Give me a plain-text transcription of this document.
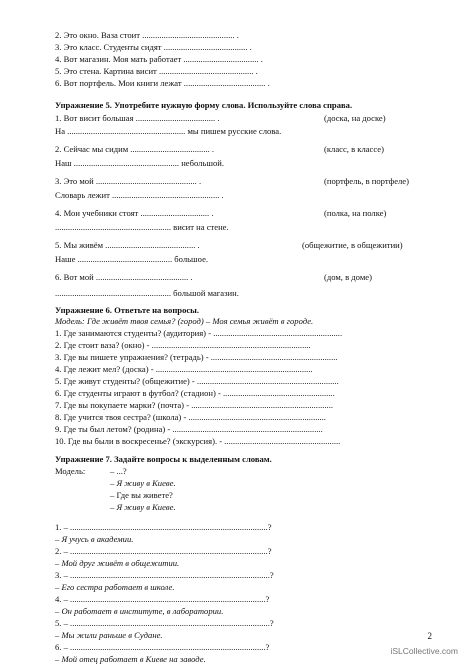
2. Это окно. Ваза стоит ........................................... .
3. Это класс. Студенты сидят ....................................... .
4. Вот магазин. Моя мать работает ................................... .
5. Это стена. Картина висит ............................................ .
6. Вот портфель. Мои книги лежат ...................................... .
Упражнение 5. Употребите нужную форму слова. Используйте слова справа.
1. Вот висит большая ..................................... .	(доска, на доске)
На ....................................................... мы пишем русские слова.
2. Сейчас мы сидим ..................................... .	(класс, в классе)
Наш ................................................. небольшой.
3. Это мой ............................................... .	(портфель, в портфеле)
Словарь лежит .................................................. .
4. Мои учебники стоят ................................ .	(полка, на полке)
...................................................... висит на стене.
5. Мы живём .......................................... .	(общежитие, в общежитии)
Наше ............................................ большое.
6. Вот мой ........................................... .	(дом, в доме)
...................................................... большой магазин.
Упражнение 6. Ответьте на вопросы.
Модель: Где живёт твоя семья? (город) – Моя семья живёт в городе.
1. Где занимаются студенты? (аудитория) - ............................................................
2. Где стоит ваза? (окно) - ..........................................................................
3. Где вы пишете упражнения? (тетрадь) - ...........................................................
4. Где лежит мел? (доска) - .........................................................................
5. Где живут студенты? (общежитие) - ..................................................................
6. Где студенты играют в футбол? (стадион) - ....................................................
7. Где вы покупаете марки? (почта) - ..................................................................
8. Где учится твоя сестра? (школа) - ................................................................
9. Где ты был летом? (родина) - ......................................................................
10. Где вы были в воскресенье? (экскурсия). - ......................................................
Упражнение 7. Задайте вопросы к выделенным словам.
Модель:	– ...?
– Я живу в Киеве.
– Где вы живете?
– Я живу в Киеве.
1. – ............................................................................................?
– Я учусь в академии.
2. – ............................................................................................?
– Мой друг живёт в общежитии.
3. – .............................................................................................?
– Его сестра работает в школе.
4. – ...........................................................................................?
– Он работает в институте, в лаборатории.
5. – .............................................................................................?
– Мы жили раньше в Судане.
6. – ...........................................................................................?
– Мой отец работает в Киеве на заводе.
2
iSLCollective.com
